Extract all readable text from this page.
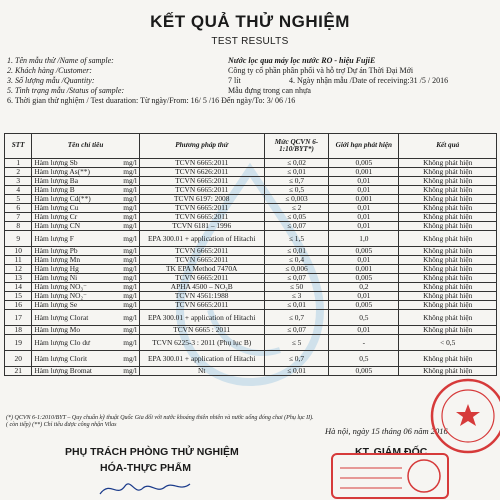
KẾT QUẢ THỬ NGHIỆM
TEST RESULTS
1. Tên mẫu thử /Name of sample:	Nước lọc qua máy lọc nước RO - hiệu FujiE
2. Khách hàng /Customer:	Công ty cổ phần phân phối và hỗ trợ Dự án Thời Đại Mới
3. Số lượng mẫu /Quantity:	7 lít	4. Ngày nhận mẫu /Date of receiving:31 /5 / 2016
5. Tình trạng mẫu /Status of sample:	Mẫu đựng trong can nhựa
6. Thời gian thử nghiệm / Test duaration: Từ ngày/From: 16/ 5 /16 Đến ngày/To: 3/ 06 /16
STT	Tên chỉ tiêu	Phương pháp thử	Mức QCVN 6-1:10/BYT*)	Giới hạn phát hiện	Kết quả
1	Hàm lượng Sb mg/l	TCVN 6665:2011	≤ 0,02	0,005	Không phát hiện
2	Hàm lượng As(**) mg/l	TCVN 6626:2011	≤ 0,01	0,001	Không phát hiện
3	Hàm lượng Ba mg/l	TCVN 6665:2011	≤ 0,7	0,01	Không phát hiện
4	Hàm lượng B mg/l	TCVN 6665:2011	≤ 0,5	0,01	Không phát hiện
5	Hàm lượng Cd(**) mg/l	TCVN 6197: 2008	≤ 0,003	0,001	Không phát hiện
6	Hàm lượng Cu mg/l	TCVN 6665:2011	≤ 2	0,01	Không phát hiện
7	Hàm lượng Cr mg/l	TCVN 6665:2011	≤ 0,05	0,01	Không phát hiện
8	Hàm lượng CN mg/l	TCVN 6181 – 1996	≤ 0,07	0,01	Không phát hiện
9	Hàm lượng F mg/l	EPA 300.01 + application of Hitachi	≤ 1,5	1,0	Không phát hiện
10	Hàm lượng Pb mg/l	TCVN 6665:2011	≤ 0,01	0,005	Không phát hiện
11	Hàm lượng Mn mg/l	TCVN 6665:2011	≤ 0,4	0,01	Không phát hiện
12	Hàm lượng Hg mg/l	TK EPA Method 7470A	≤ 0,006	0,001	Không phát hiện
13	Hàm lượng Ni mg/l	TCVN 6665:2011	≤ 0,07	0,005	Không phát hiện
14	Hàm lượng NO₃⁻ mg/l	APHA 4500 – NO₃B	≤ 50	0,2	Không phát hiện
15	Hàm lượng NO₂⁻ mg/l	TCVN 4561:1988	≤ 3	0,01	Không phát hiện
16	Hàm lượng Se mg/l	TCVN 6665:2011	≤ 0,01	0,005	Không phát hiện
17	Hàm lượng Clorat mg/l	EPA 300.01 + application of Hitachi	≤ 0,7	0,5	Không phát hiện
18	Hàm lượng Mo mg/l	TCVN 6665 : 2011	≤ 0,07	0,01	Không phát hiện
19	Hàm lượng Clo dư mg/l	TCVN 6225-3 : 2011 (Phụ lục B)	≤ 5	-	< 0,5
20	Hàm lượng Clorit mg/l	EPA 300.01 + application of Hitachi	≤ 0,7	0,5	Không phát hiện
21	Hàm lượng Bromat mg/l	Nt	≤ 0,01	0,005	Không phát hiện
(*) QCVN 6-1:2010/BYT – Quy chuẩn kỹ thuật Quốc Gia đối với nước khoáng thiên nhiên và nước uống đóng chai (Phụ lục II).
( còn tiếp) (**) Chỉ tiêu được công nhận Vilas
Hà nội, ngày 15 tháng 06 năm 2016
PHỤ TRÁCH PHÒNG THỬ NGHIỆM
HÓA-THỰC PHẨM
KT. GIÁM ĐỐC
